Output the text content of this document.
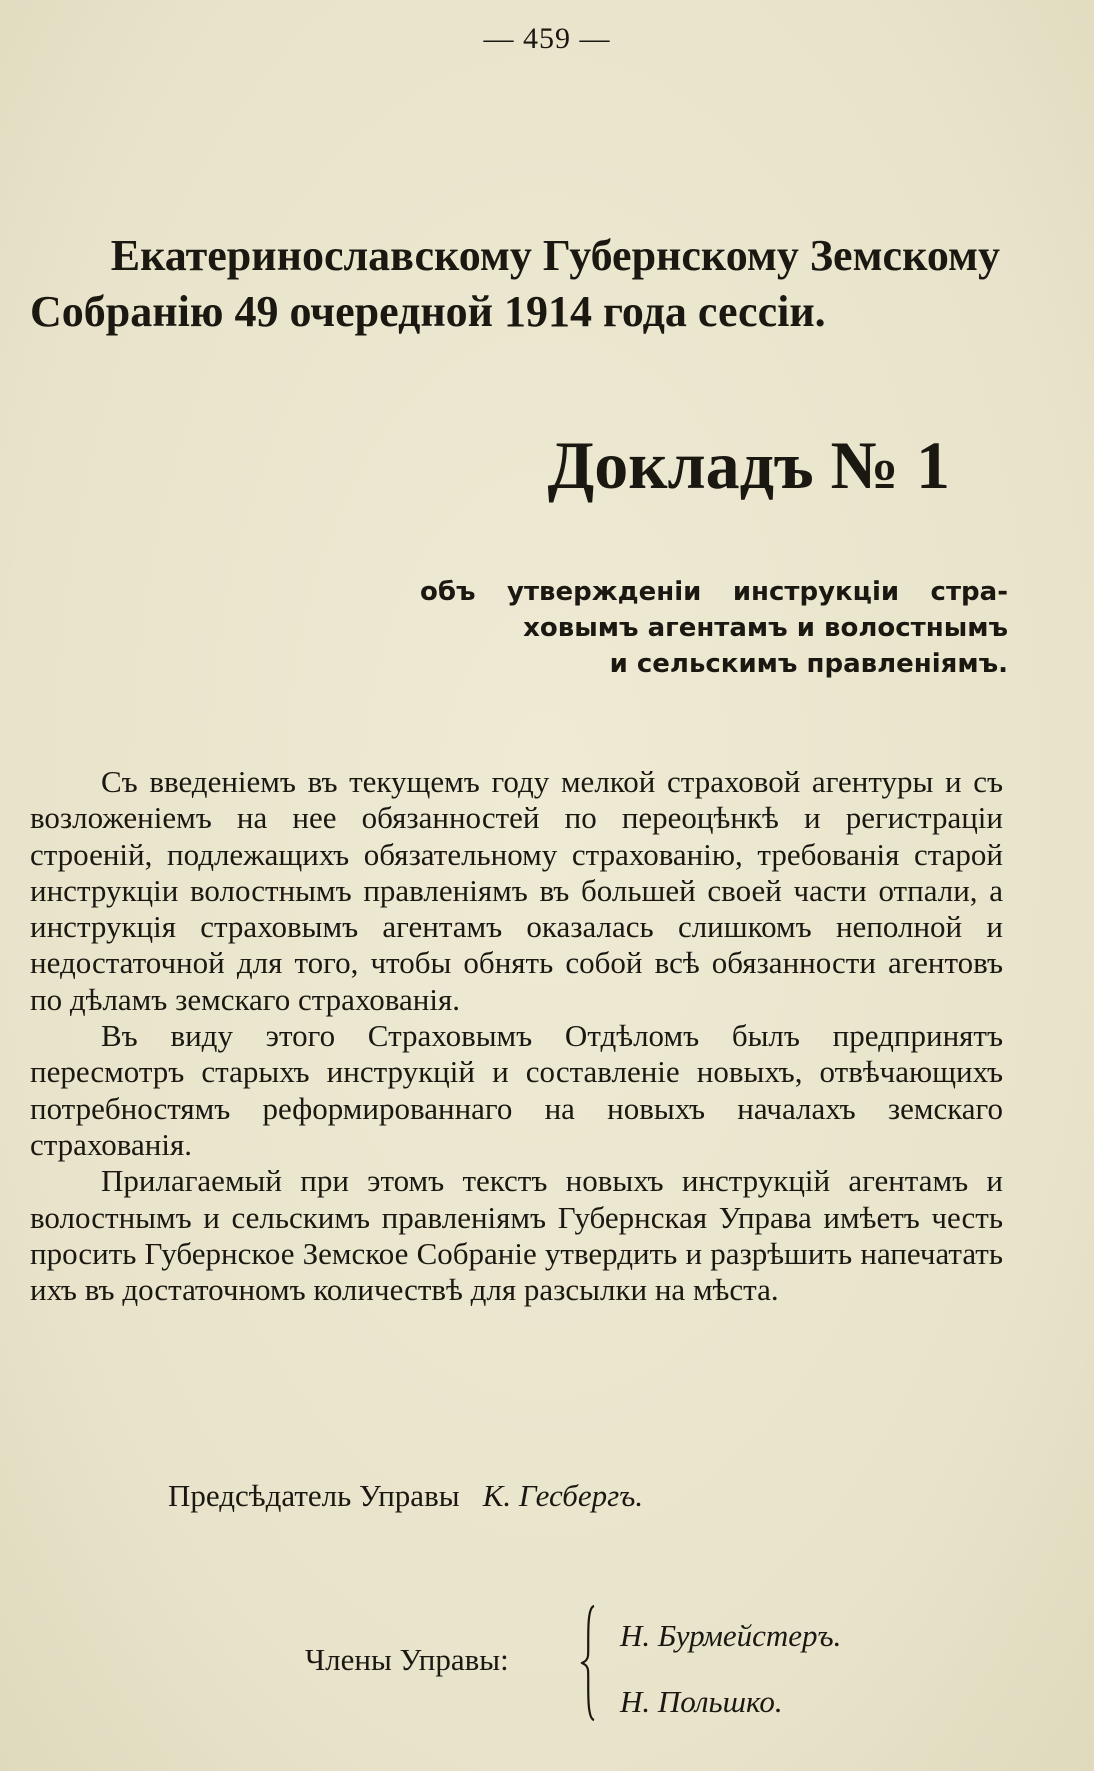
— 459 —
Екатеринославскому Губернскому Земскому
Собранію 49 очередной 1914 года сессіи.
Докладъ № 1
объ утвержденіи инструкціи стра-
ховымъ агентамъ и волостнымъ
и сельскимъ правленіямъ.

Съ введеніемъ въ текущемъ году мелкой страховой агентуры и съ возложеніемъ на нее обязанностей по переоцѣнкѣ и регистраціи строеній, подлежащихъ обязательному страхованію, требованія старой инструкціи волостнымъ правленіямъ въ большей своей части отпали, а инструкція страховымъ агентамъ оказалась слишкомъ неполной и недостаточной для того, чтобы обнять собой всѣ обязанности агентовъ по дѣламъ земскаго страхованія.

Въ виду этого Страховымъ Отдѣломъ былъ предпринятъ пересмотръ старыхъ инструкцій и составленіе новыхъ, отвѣчающихъ потребностямъ реформированнаго на новыхъ началахъ земскаго страхованія.

Прилагаемый при этомъ текстъ новыхъ инструкцій агентамъ и волостнымъ и сельскимъ правленіямъ Губернская Управа имѣетъ честь просить Губернское Земское Собраніе утвердить и разрѣшить напечатать ихъ въ достаточномъ количествѣ для разсылки на мѣста.

Предсѣдатель Управы К. Гесбергъ.
Члены Управы:
Н. Бурмейстеръ.
Н. Польшко.
